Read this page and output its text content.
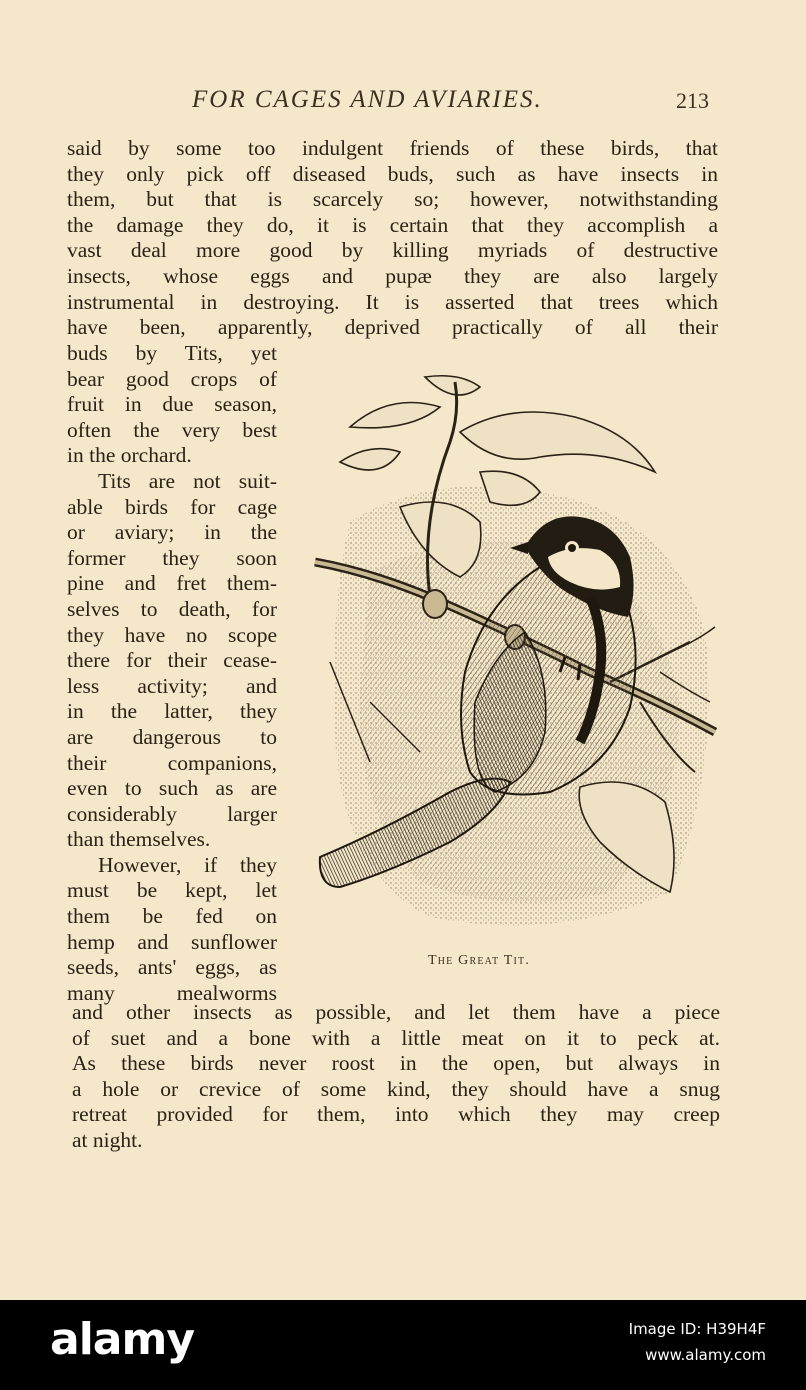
FOR CAGES AND AVIARIES.	213
said by some too indulgent friends of these birds, that
they only pick off diseased buds, such as have insects in
them, but that is scarcely so; however, notwithstanding
the damage they do, it is certain that they accomplish a
vast deal more good by killing myriads of destructive
insects, whose eggs and pupæ they are also largely
instrumental in destroying. It is asserted that trees which
have been, apparently, deprived practically of all their
buds by Tits, yet
bear good crops of
fruit in due season,
often the very best
in the orchard.
Tits are not suit-
able birds for cage
or aviary; in the
former they soon
pine and fret them-
selves to death, for
they have no scope
there for their cease-
less activity; and
in the latter, they
are dangerous to
their companions,
even to such as are
considerably larger
than themselves.
However, if they
must be kept, let
them be fed on
hemp and sunflower
seeds, ants' eggs, as
many mealworms
and other insects as possible, and let them have a piece
of suet and a bone with a little meat on it to peck at.
As these birds never roost in the open, but always in
a hole or crevice of some kind, they should have a snug
retreat provided for them, into which they may creep
at night.
The Great Tit.
alamy	Image ID: H39H4F
www.alamy.com
